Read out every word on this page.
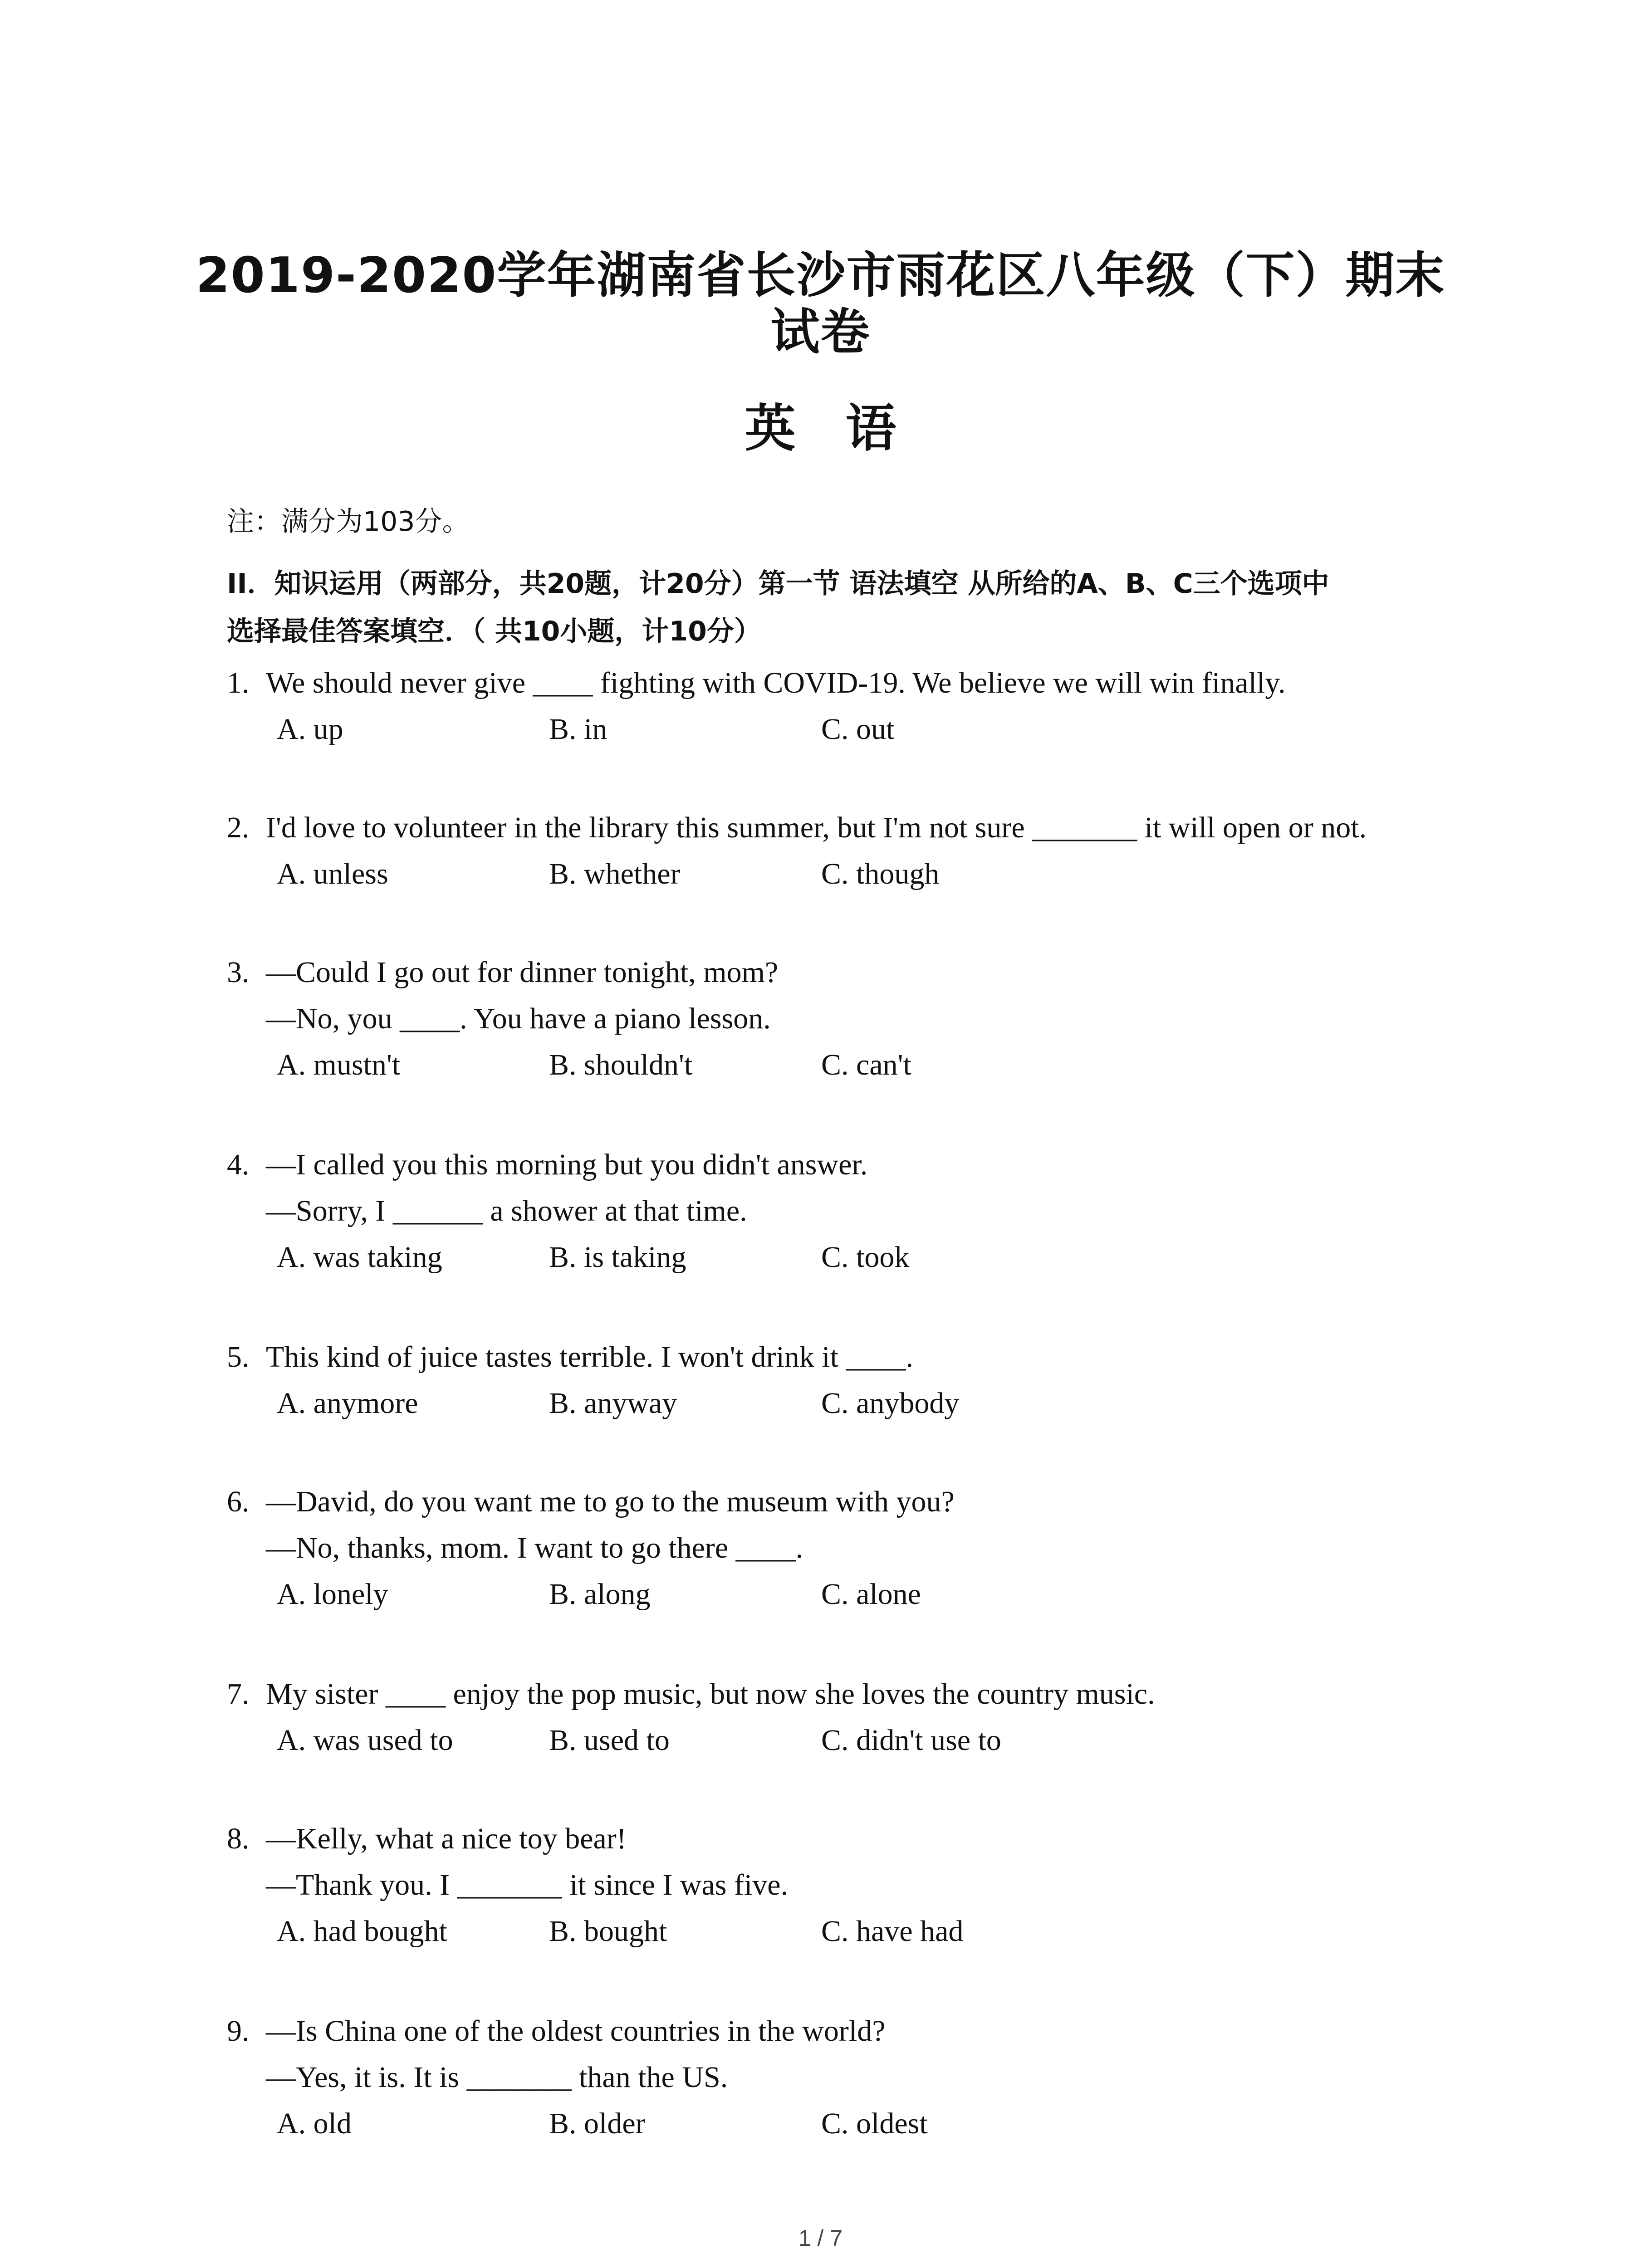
2019-2020学年湖南省长沙市雨花区八年级（下）期末
试卷
英语
注：满分为103分。
II．知识运用（两部分，共20题，计20分）第一节 语法填空 从所给的A、B、C三个选项中
选择最佳答案填空．（ 共10小题，计10分）
1. We should never give ____ fighting with COVID-19. We believe we will win finally.
A. up	B. in	C. out
2. I'd love to volunteer in the library this summer, but I'm not sure _______ it will open or not.
A. unless	B. whether	C. though
3. —Could I go out for dinner tonight, mom?
—No, you ____. You have a piano lesson.
A. mustn't	B. shouldn't	C. can't
4. —I called you this morning but you didn't answer.
—Sorry, I ______ a shower at that time.
A. was taking	B. is taking	C. took
5. This kind of juice tastes terrible. I won't drink it ____.
A. anymore	B. anyway	C. anybody
6. —David, do you want me to go to the museum with you?
—No, thanks, mom. I want to go there ____.
A. lonely	B. along	C. alone
7. My sister ____ enjoy the pop music, but now she loves the country music.
A. was used to	B. used to	C. didn't use to
8. —Kelly, what a nice toy bear!
—Thank you. I _______ it since I was five.
A. had bought	B. bought	C. have had
9. —Is China one of the oldest countries in the world?
—Yes, it is. It is _______ than the US.
A. old	B. older	C. oldest
1 / 7
